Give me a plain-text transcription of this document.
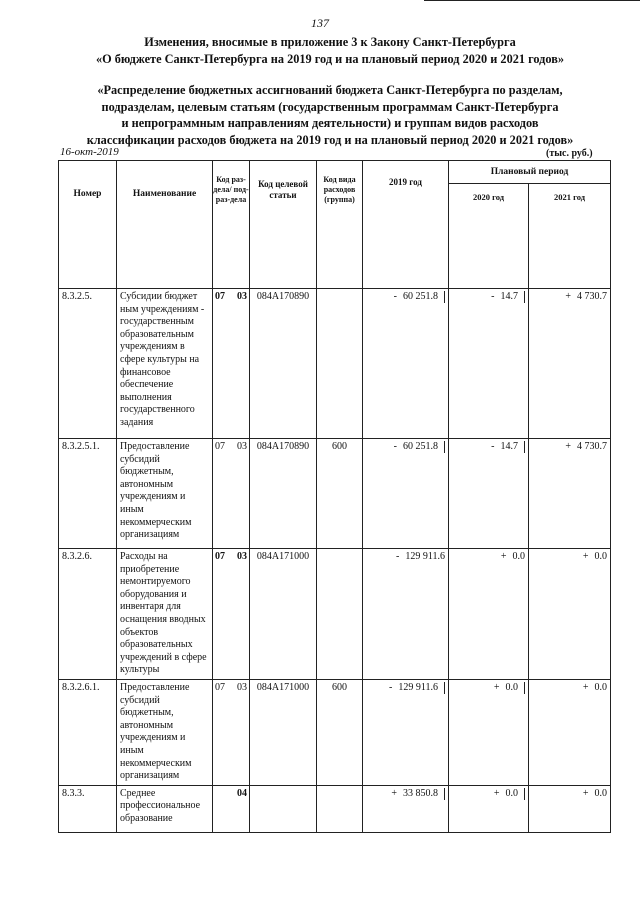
137
Изменения, вносимые в приложение 3 к Закону Санкт-Петербурга
«О бюджете Санкт-Петербурга на 2019 год и на плановый период 2020 и 2021 годов»
«Распределение бюджетных ассигнований бюджета Санкт-Петербурга по разделам,
подразделам, целевым статьям (государственным программам Санкт-Петербурга
и непрограммным направлениям деятельности) и группам видов расходов
классификации расходов бюджета на 2019 год и на плановый период 2020 и 2021 годов»
16-окт-2019	(тыс. руб.)
Номер	Наименование	Код раз-дела/ под-раз-дела	Код целевой статьи	Код вида расходов (группа)	2019 год	Плановый период	
						2020 год	2021 год
8.3.2.5.	Субсидии бюджет ным учреждениям - государственным образовательным учреждениям в сфере культуры на финансовое обеспечение выполнения государственного задания	07 03	084А170890		- 60 251.8	- 14.7	+ 4 730.7
8.3.2.5.1.	Предоставление субсидий бюджетным, автономным учреждениям и иным некоммерческим организациям	07 03	084А170890	600	- 60 251.8	- 14.7	+ 4 730.7
8.3.2.6.	Расходы на приобретение немонтируемого оборудования и инвентаря для оснащения вводных объектов образовательных учреждений в сфере культуры	07 03	084А171000		- 129 911.6	+ 0.0	+ 0.0
8.3.2.6.1.	Предоставление субсидий бюджетным, автономным учреждениям и иным некоммерческим организациям	07 03	084А171000	600	- 129 911.6	+ 0.0	+ 0.0
8.3.3.	Среднее профессиональное образование	04			+ 33 850.8	+ 0.0	+ 0.0
